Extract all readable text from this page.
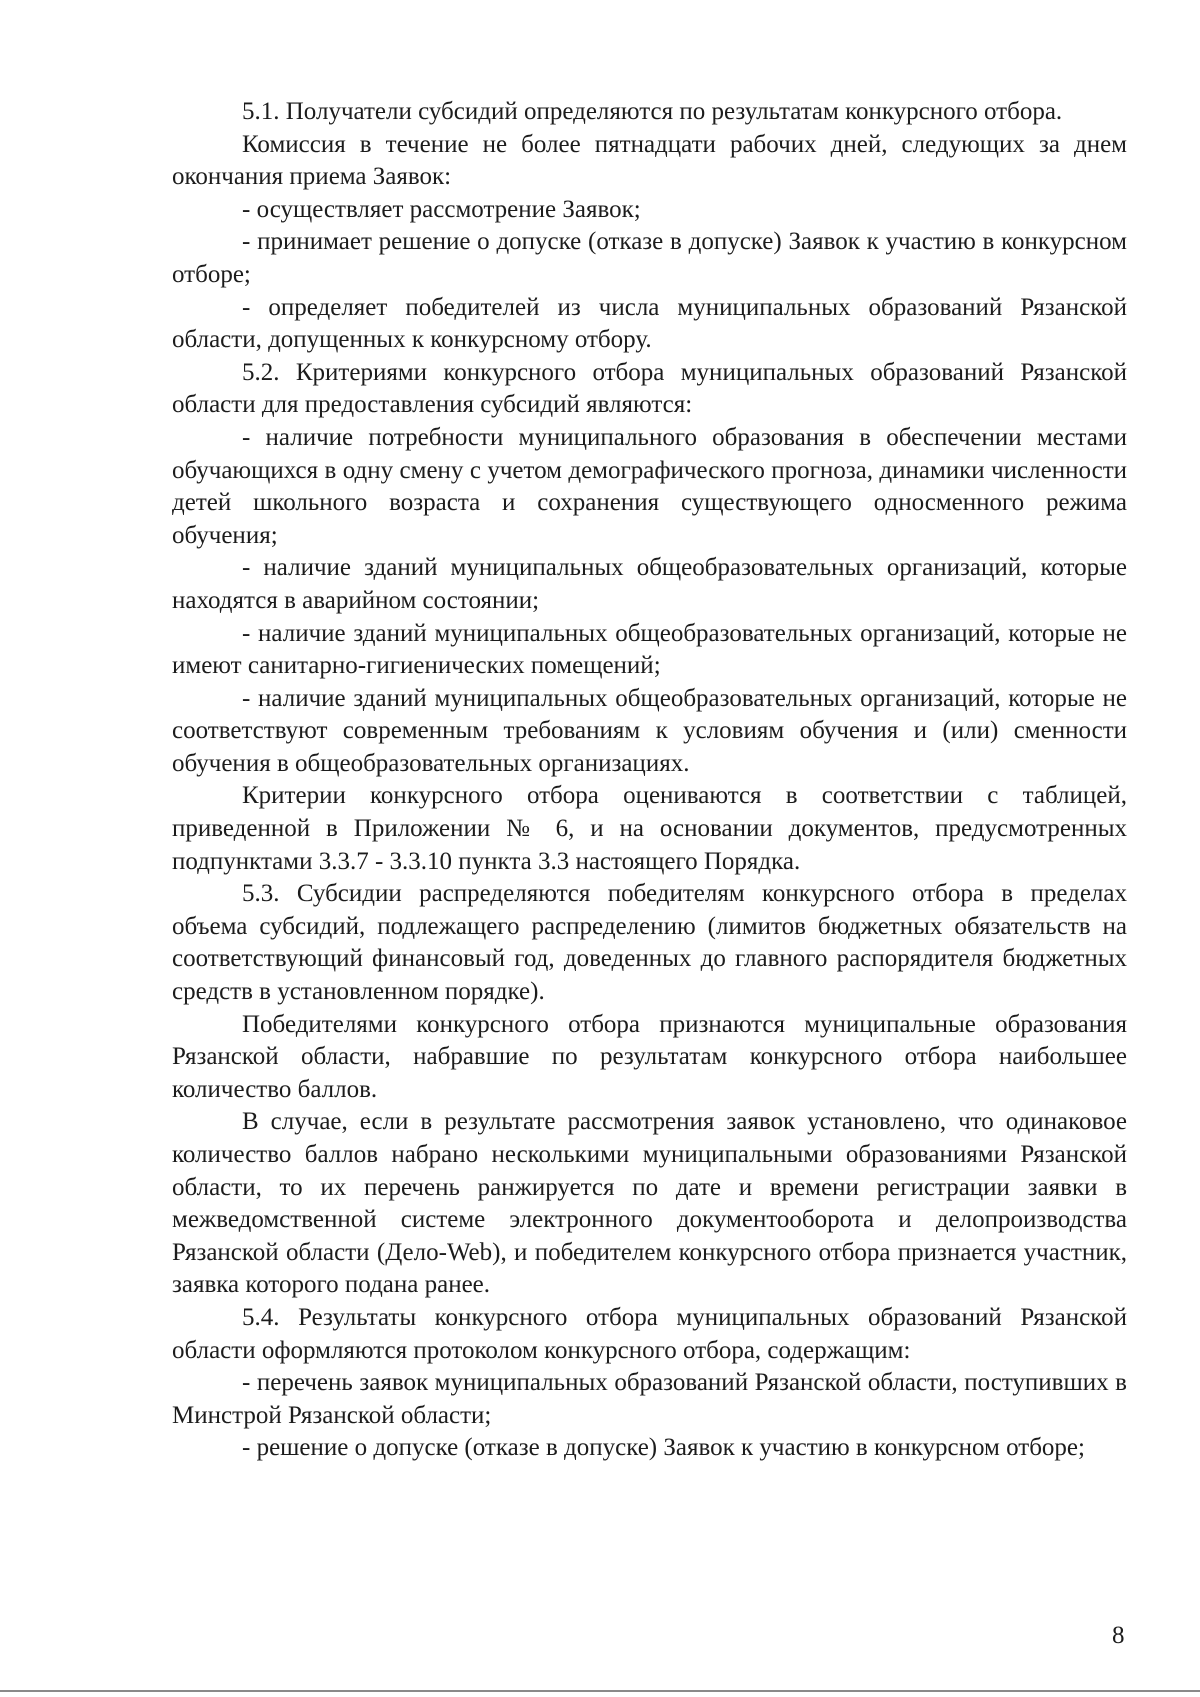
5.1. Получатели субсидий определяются по результатам конкурсного отбора.

Комиссия в течение не более пятнадцати рабочих дней, следующих за днем окончания приема Заявок:

- осуществляет рассмотрение Заявок;

- принимает решение о допуске (отказе в допуске) Заявок к участию в конкурсном отборе;

- определяет победителей из числа муниципальных образований Рязанской области, допущенных к конкурсному отбору.

5.2. Критериями конкурсного отбора муниципальных образований Рязанской области для предоставления субсидий являются:

- наличие потребности муниципального образования в обеспечении местами обучающихся в одну смену с учетом демографического прогноза, динамики численности детей школьного возраста и сохранения существующего односменного режима обучения;

- наличие зданий муниципальных общеобразовательных организаций, которые находятся в аварийном состоянии;

- наличие зданий муниципальных общеобразовательных организаций, которые не имеют санитарно-гигиенических помещений;

- наличие зданий муниципальных общеобразовательных организаций, которые не соответствуют современным требованиям к условиям обучения и (или) сменности обучения в общеобразовательных организациях.

Критерии конкурсного отбора оцениваются в соответствии с таблицей, приведенной в Приложении № 6, и на основании документов, предусмотренных подпунктами 3.3.7 - 3.3.10 пункта 3.3 настоящего Порядка.

5.3. Субсидии распределяются победителям конкурсного отбора в пределах объема субсидий, подлежащего распределению (лимитов бюджетных обязательств на соответствующий финансовый год, доведенных до главного распорядителя бюджетных средств в установленном порядке).

Победителями конкурсного отбора признаются муниципальные образования Рязанской области, набравшие по результатам конкурсного отбора наибольшее количество баллов.

В случае, если в результате рассмотрения заявок установлено, что одинаковое количество баллов набрано несколькими муниципальными образованиями Рязанской области, то их перечень ранжируется по дате и времени регистрации заявки в межведомственной системе электронного документооборота и делопроизводства Рязанской области (Дело-Web), и победителем конкурсного отбора признается участник, заявка которого подана ранее.

5.4. Результаты конкурсного отбора муниципальных образований Рязанской области оформляются протоколом конкурсного отбора, содержащим:

- перечень заявок муниципальных образований Рязанской области, поступивших в Минстрой Рязанской области;

- решение о допуске (отказе в допуске) Заявок к участию в конкурсном отборе;

8
